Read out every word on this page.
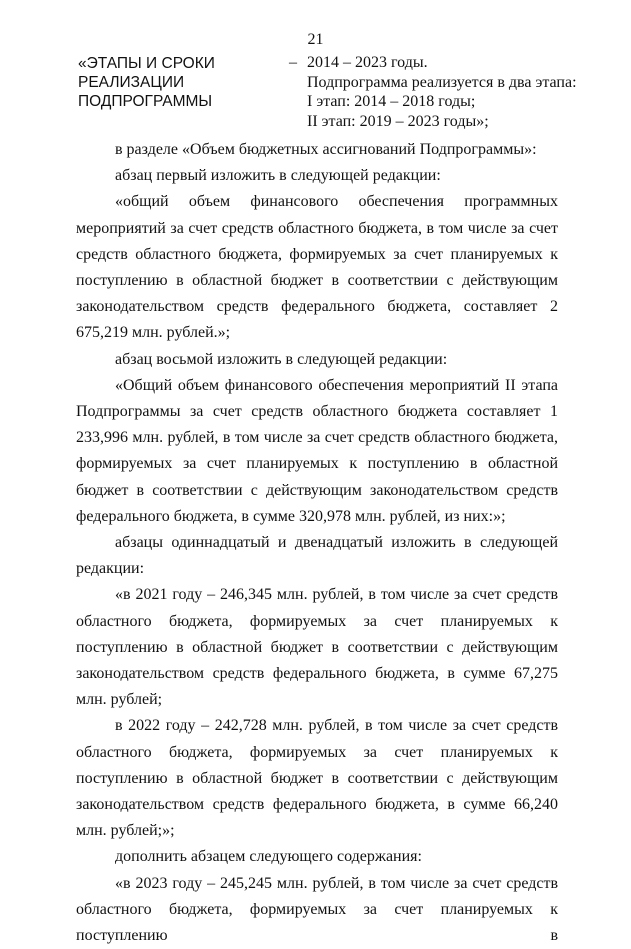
21
«ЭТАПЫ И СРОКИ
РЕАЛИЗАЦИИ
ПОДПРОГРАММЫ
– 2014 – 2023 годы.
Подпрограмма реализуется в два этапа:
I этап: 2014 – 2018 годы;
II этап: 2019 – 2023 годы»;

в разделе «Объем бюджетных ассигнований Подпрограммы»:

абзац первый изложить в следующей редакции:

«общий объем финансового обеспечения программных мероприятий за счет средств областного бюджета, в том числе за счет средств областного бюджета, формируемых за счет планируемых к поступлению в областной бюджет в соответствии с действующим законодательством средств федерального бюджета, составляет 2 675,219 млн. рублей.»;

абзац восьмой изложить в следующей редакции:

«Общий объем финансового обеспечения мероприятий II этапа Подпрограммы за счет средств областного бюджета составляет 1 233,996 млн. рублей, в том числе за счет средств областного бюджета, формируемых за счет планируемых к поступлению в областной бюджет в соответствии с действующим законодательством средств федерального бюджета, в сумме 320,978 млн. рублей, из них:»;

абзацы одиннадцатый и двенадцатый изложить в следующей редакции:

«в 2021 году – 246,345 млн. рублей, в том числе за счет средств областного бюджета, формируемых за счет планируемых к поступлению в областной бюджет в соответствии с действующим законодательством средств федерального бюджета, в сумме 67,275 млн. рублей;

в 2022 году – 242,728 млн. рублей, в том числе за счет средств областного бюджета, формируемых за счет планируемых к поступлению в областной бюджет в соответствии с действующим законодательством средств федерального бюджета, в сумме 66,240 млн. рублей;»;

дополнить абзацем следующего содержания:

«в 2023 году – 245,245 млн. рублей, в том числе за счет средств областного бюджета, формируемых за счет планируемых к поступлению в
